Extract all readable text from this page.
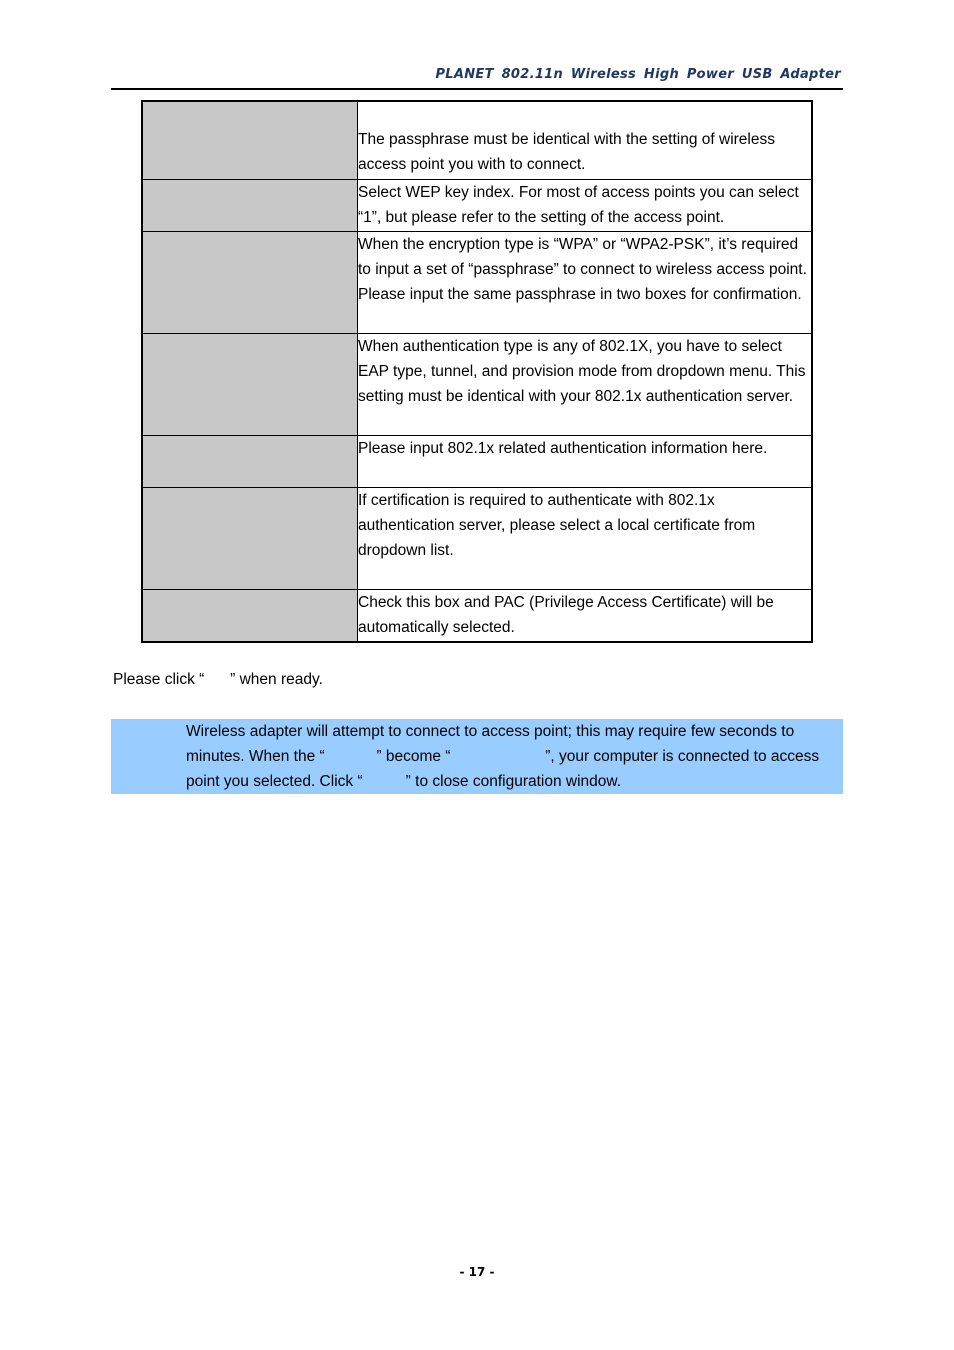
PLANET 802.11n Wireless High Power USB Adapter

	The passphrase must be identical with the setting of wireless access point you with to connect.

	Select WEP key index. For most of access points you can select “1”, but please refer to the setting of the access point.
	When the encryption type is “WPA” or “WPA2-PSK”, it’s required to input a set of “passphrase” to connect to wireless access point. Please input the same passphrase in two boxes for confirmation.
	When authentication type is any of 802.1X, you have to select EAP type, tunnel, and provision mode from dropdown menu. This setting must be identical with your 802.1x authentication server.
	Please input 802.1x related authentication information here.
	If certification is required to authenticate with 802.1x authentication server, please select a local certificate from dropdown list.
	Check this box and PAC (Privilege Access Certificate) will be automatically selected.
Please click “      ” when ready.
Wireless adapter will attempt to connect to access point; this may require few seconds to minutes. When the “            ” become “                      ”, your computer is connected to access point you selected. Click “          ” to close configuration window.
- 17 -
